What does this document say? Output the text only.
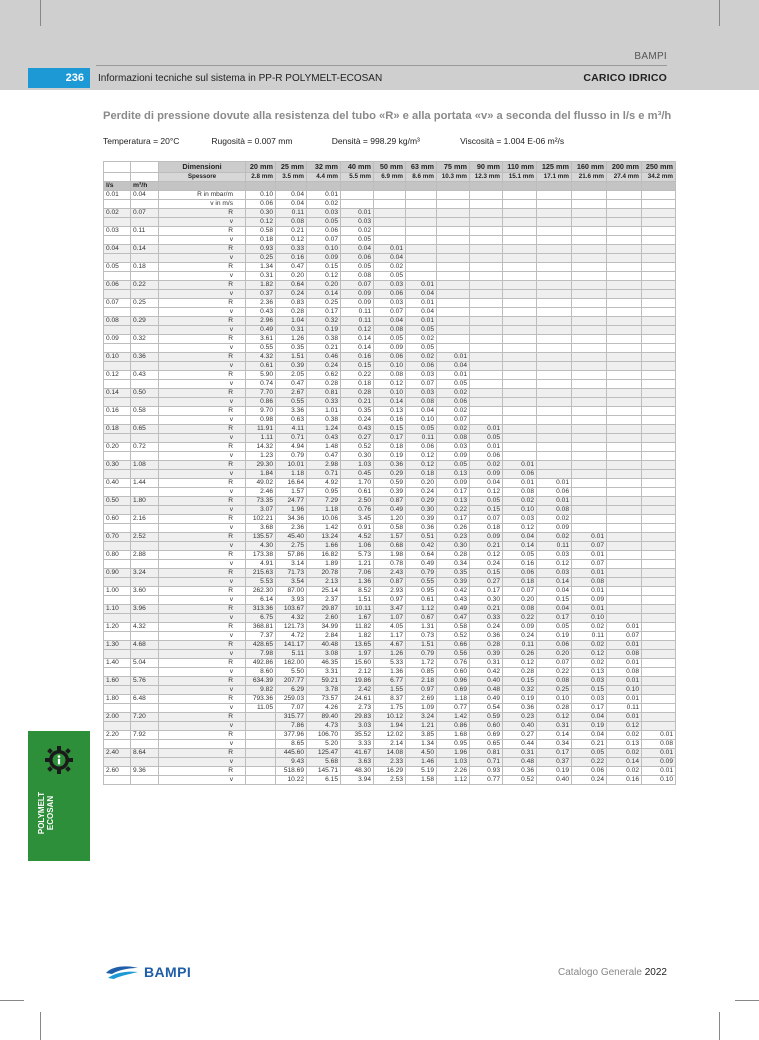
BAMPI
236	Informazioni tecniche sul sistema in PP-R POLYMELT-ECOSAN	CARICO IDRICO
Perdite di pressione dovute alla resistenza del tubo «R» e alla portata «v» a seconda del flusso in l/s e m³/h
Temperatura = 20°C	Rugosità = 0.007 mm	Densità = 998.29 kg/m³	Viscosità = 1.004 E-06 m²/s
		Dimensioni	20 mm	25 mm	32 mm	40 mm	50 mm	63 mm	75 mm	90 mm	110 mm	125 mm	160 mm	200 mm	250 mm
		Spessore	2.8 mm	3.5 mm	4.4 mm	5.5 mm	6.9 mm	8.6 mm	10.3 mm	12.3 mm	15.1 mm	17.1 mm	21.6 mm	27.4 mm	34.2 mm
l/s	m³/h														
0.01	0.04	R in mbar/m	0.10	0.04	0.01										
		v in m/s	0.06	0.04	0.02										
0.02	0.07	R	0.30	0.11	0.03	0.01									
		v	0.12	0.08	0.05	0.03									
0.03	0.11	R	0.58	0.21	0.06	0.02									
		v	0.18	0.12	0.07	0.05									
0.04	0.14	R	0.93	0.33	0.10	0.04	0.01								
		v	0.25	0.16	0.09	0.06	0.04								
0.05	0.18	R	1.34	0.47	0.15	0.05	0.02								
		v	0.31	0.20	0.12	0.08	0.05								
0.06	0.22	R	1.82	0.64	0.20	0.07	0.03	0.01							
		v	0.37	0.24	0.14	0.09	0.06	0.04							
0.07	0.25	R	2.36	0.83	0.25	0.09	0.03	0.01							
		v	0.43	0.28	0.17	0.11	0.07	0.04							
0.08	0.29	R	2.96	1.04	0.32	0.11	0.04	0.01							
		v	0.49	0.31	0.19	0.12	0.08	0.05							
0.09	0.32	R	3.61	1.26	0.38	0.14	0.05	0.02							
		v	0.55	0.35	0.21	0.14	0.09	0.05							
0.10	0.36	R	4.32	1.51	0.46	0.16	0.06	0.02	0.01						
		v	0.61	0.39	0.24	0.15	0.10	0.06	0.04						
0.12	0.43	R	5.90	2.05	0.62	0.22	0.08	0.03	0.01						
		v	0.74	0.47	0.28	0.18	0.12	0.07	0.05						
0.14	0.50	R	7.70	2.67	0.81	0.28	0.10	0.03	0.02						
		v	0.86	0.55	0.33	0.21	0.14	0.08	0.06						
0.16	0.58	R	9.70	3.36	1.01	0.35	0.13	0.04	0.02						
		v	0.98	0.63	0.38	0.24	0.16	0.10	0.07						
0.18	0.65	R	11.91	4.11	1.24	0.43	0.15	0.05	0.02	0.01					
		v	1.11	0.71	0.43	0.27	0.17	0.11	0.08	0.05					
0.20	0.72	R	14.32	4.94	1.48	0.52	0.18	0.06	0.03	0.01					
		v	1.23	0.79	0.47	0.30	0.19	0.12	0.09	0.06					
0.30	1.08	R	29.30	10.01	2.98	1.03	0.36	0.12	0.05	0.02	0.01				
		v	1.84	1.18	0.71	0.45	0.29	0.18	0.13	0.09	0.06				
0.40	1.44	R	49.02	16.64	4.92	1.70	0.59	0.20	0.09	0.04	0.01	0.01			
		v	2.46	1.57	0.95	0.61	0.39	0.24	0.17	0.12	0.08	0.06			
0.50	1.80	R	73.35	24.77	7.29	2.50	0.87	0.29	0.13	0.05	0.02	0.01			
		v	3.07	1.96	1.18	0.76	0.49	0.30	0.22	0.15	0.10	0.08			
0.60	2.16	R	102.21	34.36	10.06	3.45	1.20	0.39	0.17	0.07	0.03	0.02			
		v	3.68	2.36	1.42	0.91	0.58	0.36	0.26	0.18	0.12	0.09			
0.70	2.52	R	135.57	45.40	13.24	4.52	1.57	0.51	0.23	0.09	0.04	0.02	0.01		
		v	4.30	2.75	1.66	1.06	0.68	0.42	0.30	0.21	0.14	0.11	0.07		
0.80	2.88	R	173.38	57.86	16.82	5.73	1.98	0.64	0.28	0.12	0.05	0.03	0.01		
		v	4.91	3.14	1.89	1.21	0.78	0.49	0.34	0.24	0.16	0.12	0.07		
0.90	3.24	R	215.63	71.73	20.78	7.06	2.43	0.79	0.35	0.15	0.06	0.03	0.01		
		v	5.53	3.54	2.13	1.36	0.87	0.55	0.39	0.27	0.18	0.14	0.08		
1.00	3.60	R	262.30	87.00	25.14	8.52	2.93	0.95	0.42	0.17	0.07	0.04	0.01		
		v	6.14	3.93	2.37	1.51	0.97	0.61	0.43	0.30	0.20	0.15	0.09		
1.10	3.96	R	313.36	103.67	29.87	10.11	3.47	1.12	0.49	0.21	0.08	0.04	0.01		
		v	6.75	4.32	2.60	1.67	1.07	0.67	0.47	0.33	0.22	0.17	0.10		
1.20	4.32	R	368.81	121.73	34.99	11.82	4.05	1.31	0.58	0.24	0.09	0.05	0.02	0.01	
		v	7.37	4.72	2.84	1.82	1.17	0.73	0.52	0.36	0.24	0.19	0.11	0.07	
1.30	4.68	R	428.65	141.17	40.48	13.65	4.67	1.51	0.66	0.28	0.11	0.06	0.02	0.01	
		v	7.98	5.11	3.08	1.97	1.26	0.79	0.56	0.39	0.26	0.20	0.12	0.08	
1.40	5.04	R	492.86	162.00	46.35	15.60	5.33	1.72	0.76	0.31	0.12	0.07	0.02	0.01	
		v	8.60	5.50	3.31	2.12	1.36	0.85	0.60	0.42	0.28	0.22	0.13	0.08	
1.60	5.76	R	634.39	207.77	59.21	19.86	6.77	2.18	0.96	0.40	0.15	0.08	0.03	0.01	
		v	9.82	6.29	3.78	2.42	1.55	0.97	0.69	0.48	0.32	0.25	0.15	0.10	
1.80	6.48	R	793.36	259.03	73.57	24.61	8.37	2.69	1.18	0.49	0.19	0.10	0.03	0.01	
		v	11.05	7.07	4.26	2.73	1.75	1.09	0.77	0.54	0.36	0.28	0.17	0.11	
2.00	7.20	R		315.77	89.40	29.83	10.12	3.24	1.42	0.59	0.23	0.12	0.04	0.01	
		v		7.86	4.73	3.03	1.94	1.21	0.86	0.60	0.40	0.31	0.19	0.12	
2.20	7.92	R		377.96	106.70	35.52	12.02	3.85	1.68	0.69	0.27	0.14	0.04	0.02	0.01
		v		8.65	5.20	3.33	2.14	1.34	0.95	0.65	0.44	0.34	0.21	0.13	0.08
2.40	8.64	R		445.60	125.47	41.67	14.08	4.50	1.96	0.81	0.31	0.17	0.05	0.02	0.01
		v		9.43	5.68	3.63	2.33	1.46	1.03	0.71	0.48	0.37	0.22	0.14	0.09
2.60	9.36	R		518.69	145.71	48.30	16.29	5.19	2.26	0.93	0.36	0.19	0.06	0.02	0.01
		v		10.22	6.15	3.94	2.53	1.58	1.12	0.77	0.52	0.40	0.24	0.16	0.10
POLYMELT ECOSAN
BAMPI	Catalogo Generale 2022
